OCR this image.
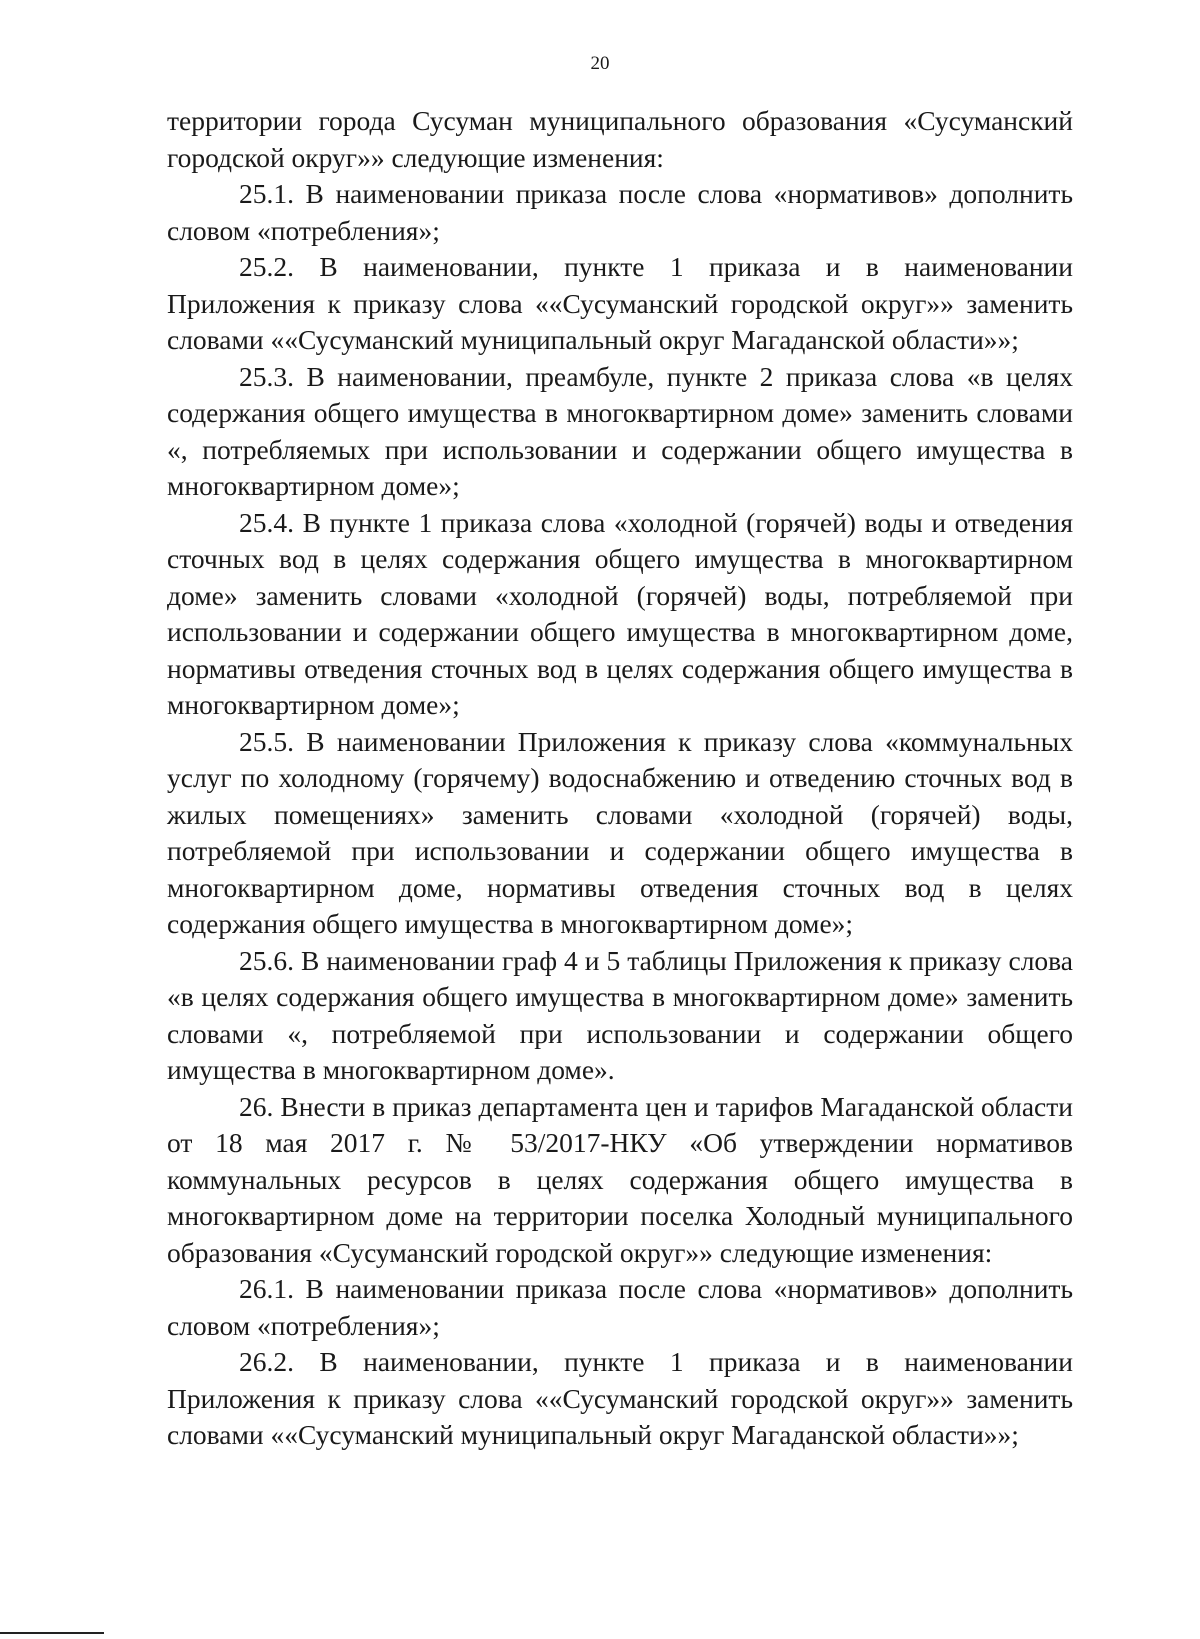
20

территории города Сусуман муниципального образования «Сусуманский городской округ»» следующие изменения:

25.1. В наименовании приказа после слова «нормативов» дополнить словом «потребления»;

25.2. В наименовании, пункте 1 приказа и в наименовании Приложения к приказу слова ««Сусуманский городской округ»» заменить словами ««Сусуманский муниципальный округ Магаданской области»»;

25.3. В наименовании, преамбуле, пункте 2 приказа слова «в целях содержания общего имущества в многоквартирном доме» заменить словами «, потребляемых при использовании и содержании общего имущества в многоквартирном доме»;

25.4. В пункте 1 приказа слова «холодной (горячей) воды и отведения сточных вод в целях содержания общего имущества в многоквартирном доме» заменить словами «холодной (горячей) воды, потребляемой при использовании и содержании общего имущества в многоквартирном доме, нормативы отведения сточных вод в целях содержания общего имущества в многоквартирном доме»;

25.5. В наименовании Приложения к приказу слова «коммунальных услуг по холодному (горячему) водоснабжению и отведению сточных вод в жилых помещениях» заменить словами «холодной (горячей) воды, потребляемой при использовании и содержании общего имущества в многоквартирном доме, нормативы отведения сточных вод в целях содержания общего имущества в многоквартирном доме»;

25.6. В наименовании граф 4 и 5 таблицы Приложения к приказу слова «в целях содержания общего имущества в многоквартирном доме» заменить словами «, потребляемой при использовании и содержании общего имущества в многоквартирном доме».

26. Внести в приказ департамента цен и тарифов Магаданской области от 18 мая 2017 г. № 53/2017-НКУ «Об утверждении нормативов коммунальных ресурсов в целях содержания общего имущества в многоквартирном доме на территории поселка Холодный муниципального образования «Сусуманский городской округ»» следующие изменения:

26.1. В наименовании приказа после слова «нормативов» дополнить словом «потребления»;

26.2. В наименовании, пункте 1 приказа и в наименовании Приложения к приказу слова ««Сусуманский городской округ»» заменить словами ««Сусуманский муниципальный округ Магаданской области»»;
